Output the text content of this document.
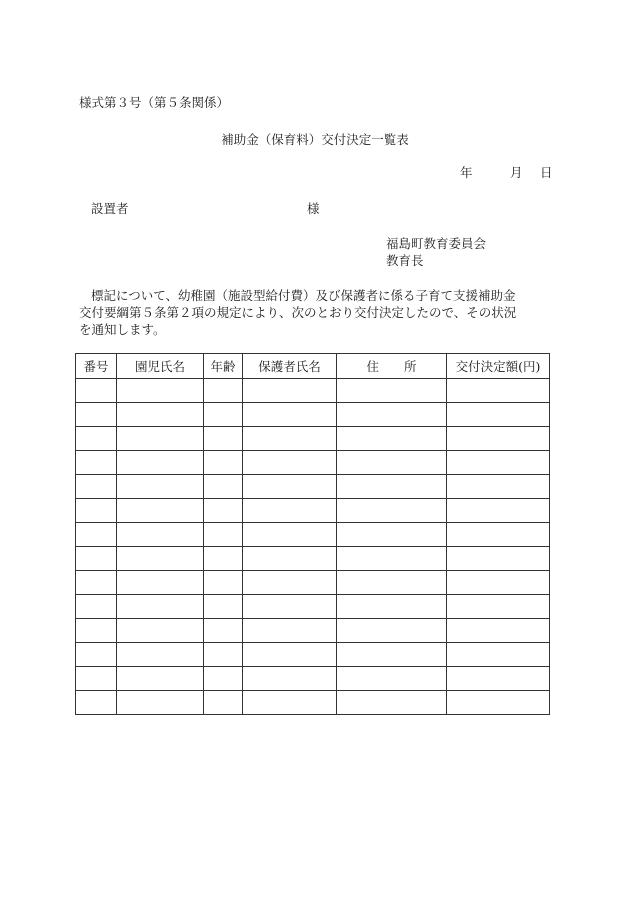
様式第３号（第５条関係）
補助金（保育料）交付決定一覧表
年	月 日
設置者	様
福島町教育委員会
教育長
標記について、幼稚園（施設型給付費）及び保護者に係る子育て支援補助金
交付要綱第５条第２項の規定により、次のとおり交付決定したので、その状況
を通知します。
番号	園児氏名	年齢	保護者氏名	住　　所	交付決定額(円)
